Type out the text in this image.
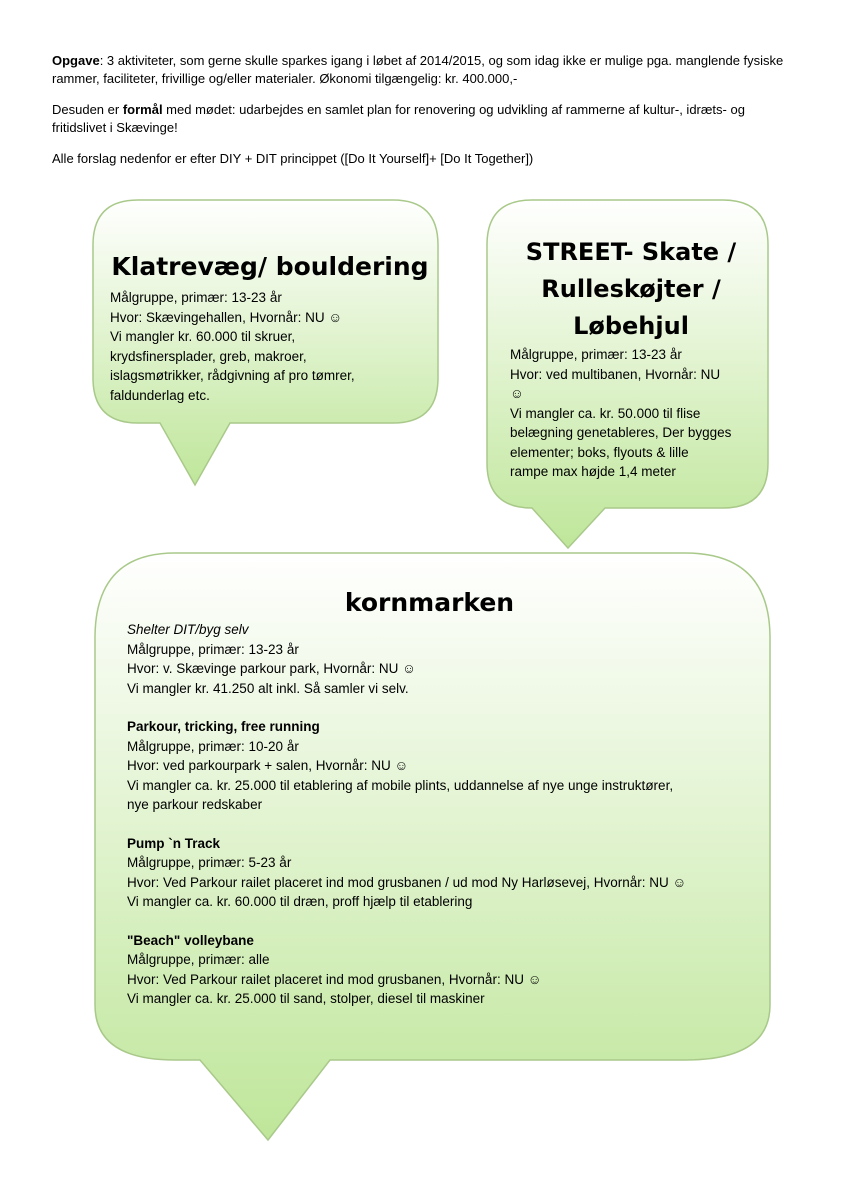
Opgave: 3 aktiviteter, som gerne skulle sparkes igang i løbet af 2014/2015, og som idag ikke er mulige pga. manglende fysiske rammer, faciliteter, frivillige og/eller materialer. Økonomi tilgængelig: kr. 400.000,-

Desuden er formål med mødet: udarbejdes en samlet plan for renovering og udvikling af rammerne af kultur-, idræts- og fritidslivet i Skævinge!

Alle forslag nedenfor er efter DIY + DIT princippet ([Do It Yourself]+ [Do It Together])

Klatrevæg/ bouldering

Målgruppe, primær: 13-23 år

Hvor: Skævingehallen, Hvornår: NU ☺

Vi mangler kr. 60.000 til skruer,

krydsfinersplader, greb, makroer,

islagsmøtrikker, rådgivning af pro tømrer,

faldunderlag etc.

STREET- Skate /

Rulleskøjter /

Løbehjul

Målgruppe, primær: 13-23 år

Hvor: ved multibanen, Hvornår: NU

☺

Vi mangler ca. kr. 50.000 til flise

belægning genetableres, Der bygges

elementer; boks, flyouts & lille

rampe max højde 1,4 meter

kornmarken

Shelter DIT/byg selv

Målgruppe, primær: 13-23 år

Hvor: v. Skævinge parkour park, Hvornår: NU ☺

Vi mangler kr. 41.250 alt inkl. Så samler vi selv.

Parkour, tricking, free running

Målgruppe, primær: 10-20 år

Hvor: ved parkourpark + salen, Hvornår: NU ☺

Vi mangler ca. kr. 25.000 til etablering af mobile plints, uddannelse af nye unge instruktører,

nye parkour redskaber

Pump `n Track

Målgruppe, primær: 5-23 år

Hvor: Ved Parkour railet placeret ind mod grusbanen / ud mod Ny Harløsevej, Hvornår: NU ☺

Vi mangler ca. kr. 60.000 til dræn, proff hjælp til etablering

"Beach" volleybane

Målgruppe, primær: alle

Hvor: Ved Parkour railet placeret ind mod grusbanen, Hvornår: NU ☺

Vi mangler ca. kr. 25.000 til sand, stolper, diesel til maskiner
